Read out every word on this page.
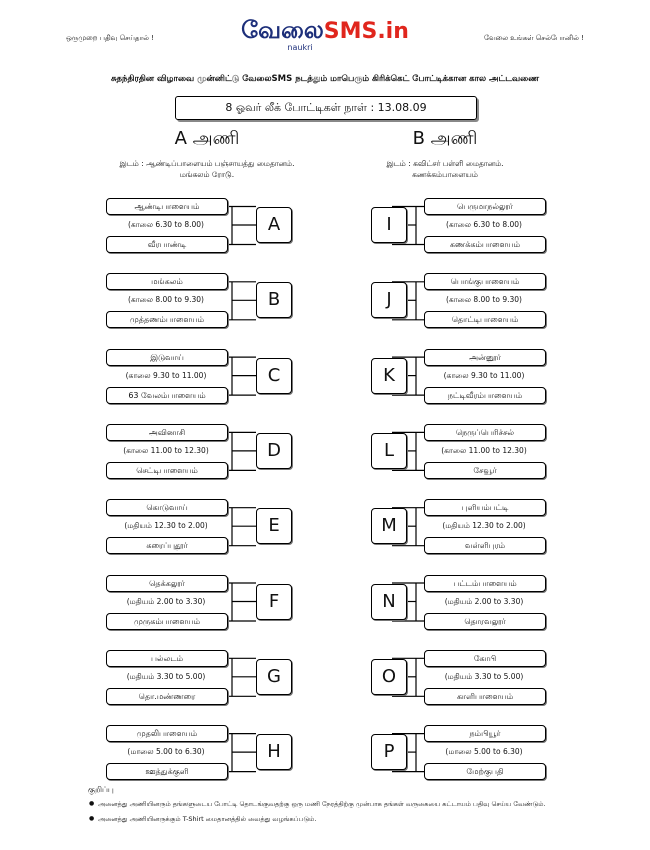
ஒருமுறை பதிவு செய்தால் !	வேலை உங்கள் செல்போனில் !
வேலைSMS.in
naukri
சுதந்திரதின விழாவை முன்னிட்டு வேலைSMS நடத்தும் மாபெரும் கிரிக்கெட் போட்டிக்கான கால அட்டவணை
8 ஓவர் லீக் போட்டிகள் நாள் : 13.08.09
A அணி	B அணி
இடம் : ஆண்டிப்பாளையம் பஞ்சாயத்து மைதானம்.
மங்கலம் ரோடு.
இடம் : கவிட்சர் பள்ளி மைதானம்.
கணக்கம்பாளையம்
ஆண்டிபாளையம்
(காலை 6.30 to 8.00)
வீரபாண்டி
A
மங்கலம்
(காலை 8.00 to 9.30)
முத்தணம்பாளையம்
B
இடுவாய்
(காலை 9.30 to 11.00)
63 வேலம்பாளையம்
C
அவினாசி
(காலை 11.00 to 12.30)
செட்டிபாளையம்
D
கொடுவாய்
(மதியம் 12.30 to 2.00)
கரைப்புதூர்
E
தெக்கலூர்
(மதியம் 2.00 to 3.30)
முருகம்பாளையம்
F
பல்லடம்
(மதியம் 3.30 to 5.00)
தொ.மண்ணரை
G
முதலிபாளையம்
(மாலை 5.00 to 6.30)
ஊத்துக்குளி
H
பெருமாநல்லூர்
(காலை 6.30 to 8.00)
கணக்கம்பாளையம்
I
பொங்குபாளையம்
(காலை 8.00 to 9.30)
தொட்டிபாளையம்
J
அன்னூர்
(காலை 9.30 to 11.00)
நட்டிவீரம்பாளையம்
K
நெருப்பெரிச்சல்
(காலை 11.00 to 12.30)
சேவூர்
L
புளியம்பட்டி
(மதியம் 12.30 to 2.00)
வள்ளிபுரம்
M
பட்டம்பாளையம்
(மதியம் 2.00 to 3.30)
தொரவலூர்
N
கோபி
(மதியம் 3.30 to 5.00)
காளிபாளையம்
O
நம்பியூர்
(மாலை 5.00 to 6.30)
மேற்குபதி
P
குறிப்பு
● அனைத்து அணியினரும் தங்களுடைய போட்டி தொடங்குவதற்கு ஒரு மணி நேரத்திற்கு முன்பாக தங்கள் வருகையை கட்டாயம் பதிவு செய்ய வேண்டும்.
● அனைத்து அணியினருக்கும் T-Shirt மைதானத்தில் வைத்து வழங்கப்படும்.
